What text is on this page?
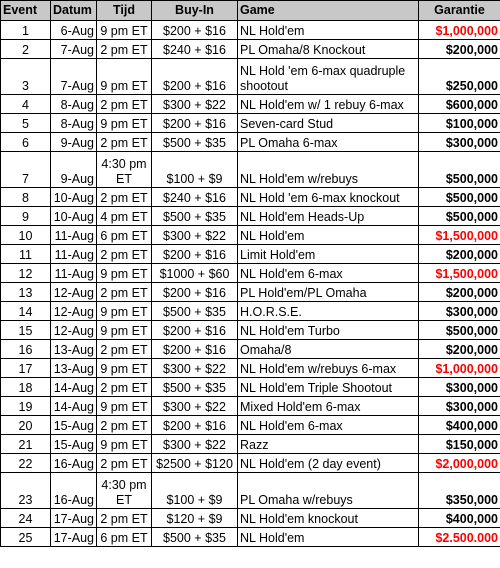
Event	Datum	Tijd	Buy-In	Game	Garantie
1	6-Aug	9 pm ET	$200 + $16	NL Hold'em	$1,000,000
2	7-Aug	2 pm ET	$240 + $16	PL Omaha/8 Knockout	$200,000
3	7-Aug	9 pm ET	$200 + $16	NL Hold 'em 6-max quadruple shootout	$250,000
4	8-Aug	2 pm ET	$300 + $22	NL Hold'em w/ 1 rebuy 6-max	$600,000
5	8-Aug	9 pm ET	$200 + $16	Seven-card Stud	$100,000
6	9-Aug	2 pm ET	$500 + $35	PL Omaha 6-max	$300,000
7	9-Aug	4:30 pm ET	$100 + $9	NL Hold'em w/rebuys	$500,000
8	10-Aug	2 pm ET	$240 + $16	NL Hold 'em 6-max knockout	$500,000
9	10-Aug	4 pm ET	$500 + $35	NL Hold'em Heads-Up	$500,000
10	11-Aug	6 pm ET	$300 + $22	NL Hold'em	$1,500,000
11	11-Aug	2 pm ET	$200 + $16	Limit Hold'em	$200,000
12	11-Aug	9 pm ET	$1000 + $60	NL Hold'em 6-max	$1,500,000
13	12-Aug	2 pm ET	$200 + $16	PL Hold'em/PL Omaha	$200,000
14	12-Aug	9 pm ET	$500 + $35	H.O.R.S.E.	$300,000
15	12-Aug	9 pm ET	$200 + $16	NL Hold'em Turbo	$500,000
16	13-Aug	2 pm ET	$200 + $16	Omaha/8	$200,000
17	13-Aug	9 pm ET	$300 + $22	NL Hold'em w/rebuys 6-max	$1,000,000
18	14-Aug	2 pm ET	$500 + $35	NL Hold'em Triple Shootout	$300,000
19	14-Aug	9 pm ET	$300 + $22	Mixed Hold'em 6-max	$300,000
20	15-Aug	2 pm ET	$200 + $16	NL Hold'em 6-max	$400,000
21	15-Aug	9 pm ET	$300 + $22	Razz	$150,000
22	16-Aug	2 pm ET	$2500 + $120	NL Hold'em (2 day event)	$2,000,000
23	16-Aug	4:30 pm ET	$100 + $9	PL Omaha w/rebuys	$350,000
24	17-Aug	2 pm ET	$120 + $9	NL Hold'em knockout	$400,000
25	17-Aug	6 pm ET	$500 + $35	NL Hold'em	$2.500.000
